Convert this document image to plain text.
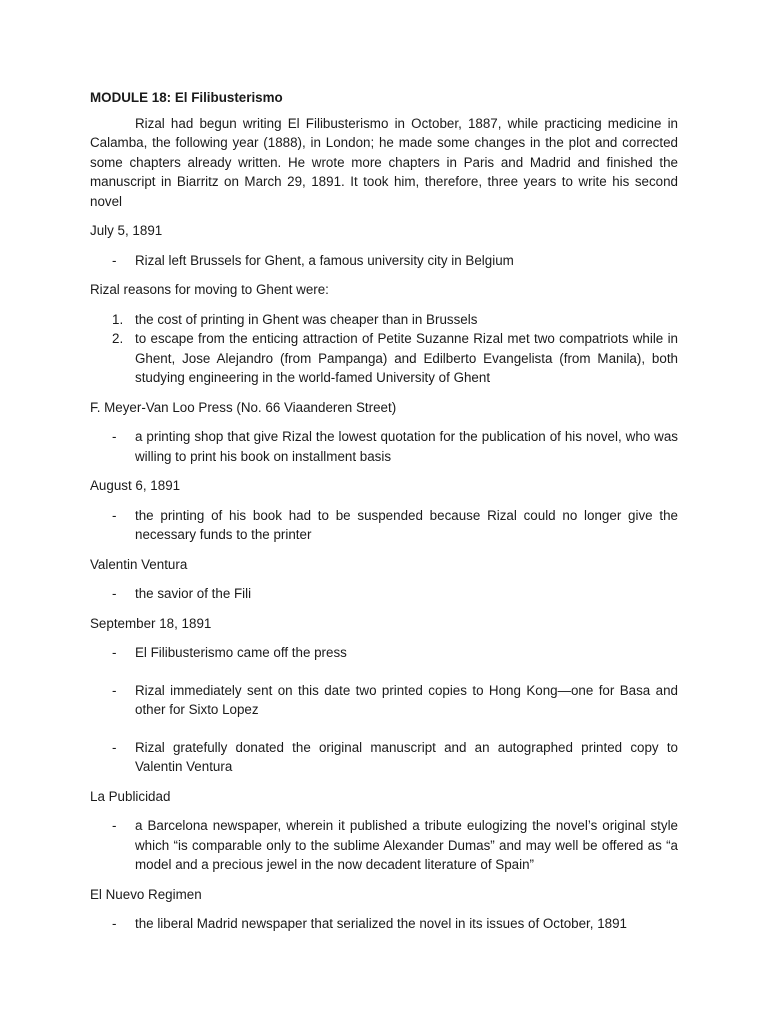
MODULE 18: El Filibusterismo

Rizal had begun writing El Filibusterismo in October, 1887, while practicing medicine in Calamba, the following year (1888), in London; he made some changes in the plot and corrected some chapters already written. He wrote more chapters in Paris and Madrid and finished the manuscript in Biarritz on March 29, 1891. It took him, therefore, three years to write his second novel

July 5, 1891

- Rizal left Brussels for Ghent, a famous university city in Belgium

Rizal reasons for moving to Ghent were:

1. the cost of printing in Ghent was cheaper than in Brussels
2. to escape from the enticing attraction of Petite Suzanne Rizal met two compatriots while in Ghent, Jose Alejandro (from Pampanga) and Edilberto Evangelista (from Manila), both studying engineering in the world-famed University of Ghent

F. Meyer-Van Loo Press (No. 66 Viaanderen Street)

- a printing shop that give Rizal the lowest quotation for the publication of his novel, who was willing to print his book on installment basis

August 6, 1891

- the printing of his book had to be suspended because Rizal could no longer give the necessary funds to the printer

Valentin Ventura

- the savior of the Fili

September 18, 1891

- El Filibusterismo came off the press
- Rizal immediately sent on this date two printed copies to Hong Kong—one for Basa and other for Sixto Lopez
- Rizal gratefully donated the original manuscript and an autographed printed copy to Valentin Ventura

La Publicidad

- a Barcelona newspaper, wherein it published a tribute eulogizing the novel’s original style which “is comparable only to the sublime Alexander Dumas” and may well be offered as “a model and a precious jewel in the now decadent literature of Spain”

El Nuevo Regimen

- the liberal Madrid newspaper that serialized the novel in its issues of October, 1891
